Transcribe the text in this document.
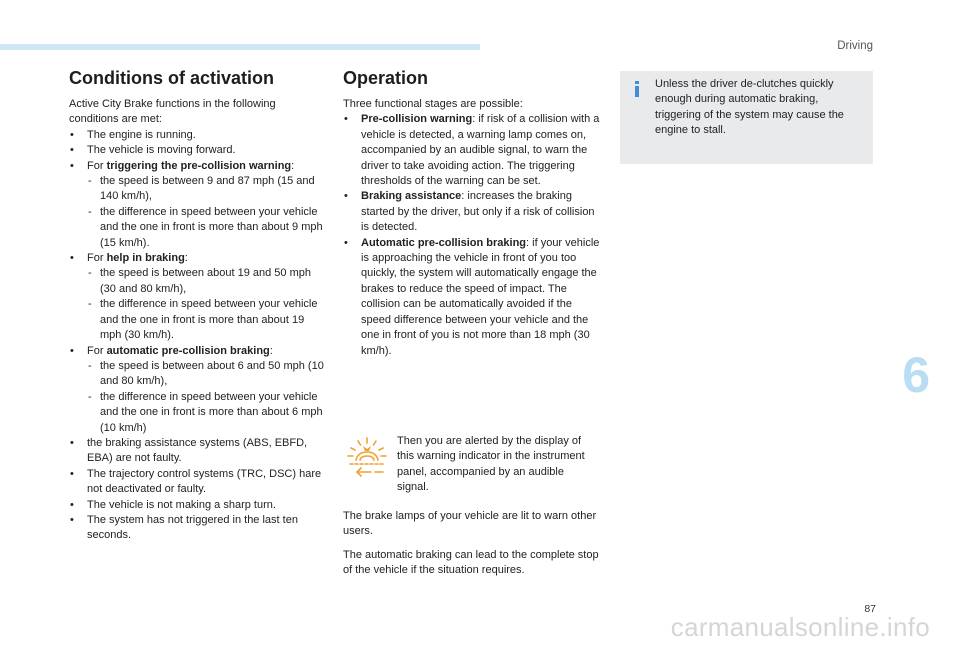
Driving
Conditions of activation
Active City Brake functions in the following conditions are met:
• The engine is running.
• The vehicle is moving forward.
• For triggering the pre-collision warning:
- the speed is between 9 and 87 mph (15 and 140 km/h),
- the difference in speed between your vehicle and the one in front is more than about 9 mph (15 km/h).
• For help in braking:
- the speed is between about 19 and 50 mph (30 and 80 km/h),
- the difference in speed between your vehicle and the one in front is more than about 19 mph (30 km/h).
• For automatic pre-collision braking:
- the speed is between about 6 and 50 mph (10 and 80 km/h),
- the difference in speed between your vehicle and the one in front is more than about 6 mph (10 km/h)
• the braking assistance systems (ABS, EBFD, EBA) are not faulty.
• The trajectory control systems (TRC, DSC) hare not deactivated or faulty.
• The vehicle is not making a sharp turn.
• The system has not triggered in the last ten seconds.
Operation
Three functional stages are possible:
• Pre-collision warning: if risk of a collision with a vehicle is detected, a warning lamp comes on, accompanied by an audible signal, to warn the driver to take avoiding action. The triggering thresholds of the warning can be set.
• Braking assistance: increases the braking started by the driver, but only if a risk of collision is detected.
• Automatic pre-collision braking: if your vehicle is approaching the vehicle in front of you too quickly, the system will automatically engage the brakes to reduce the speed of impact. The collision can be automatically avoided if the speed difference between your vehicle and the one in front of you is not more than 18 mph (30 km/h).
Then you are alerted by the display of this warning indicator in the instrument panel, accompanied by an audible signal.
The brake lamps of your vehicle are lit to warn other users.
The automatic braking can lead to the complete stop of the vehicle if the situation requires.
Unless the driver de-clutches quickly enough during automatic braking, triggering of the system may cause the engine to stall.
6
87
carmanualsonline.info
